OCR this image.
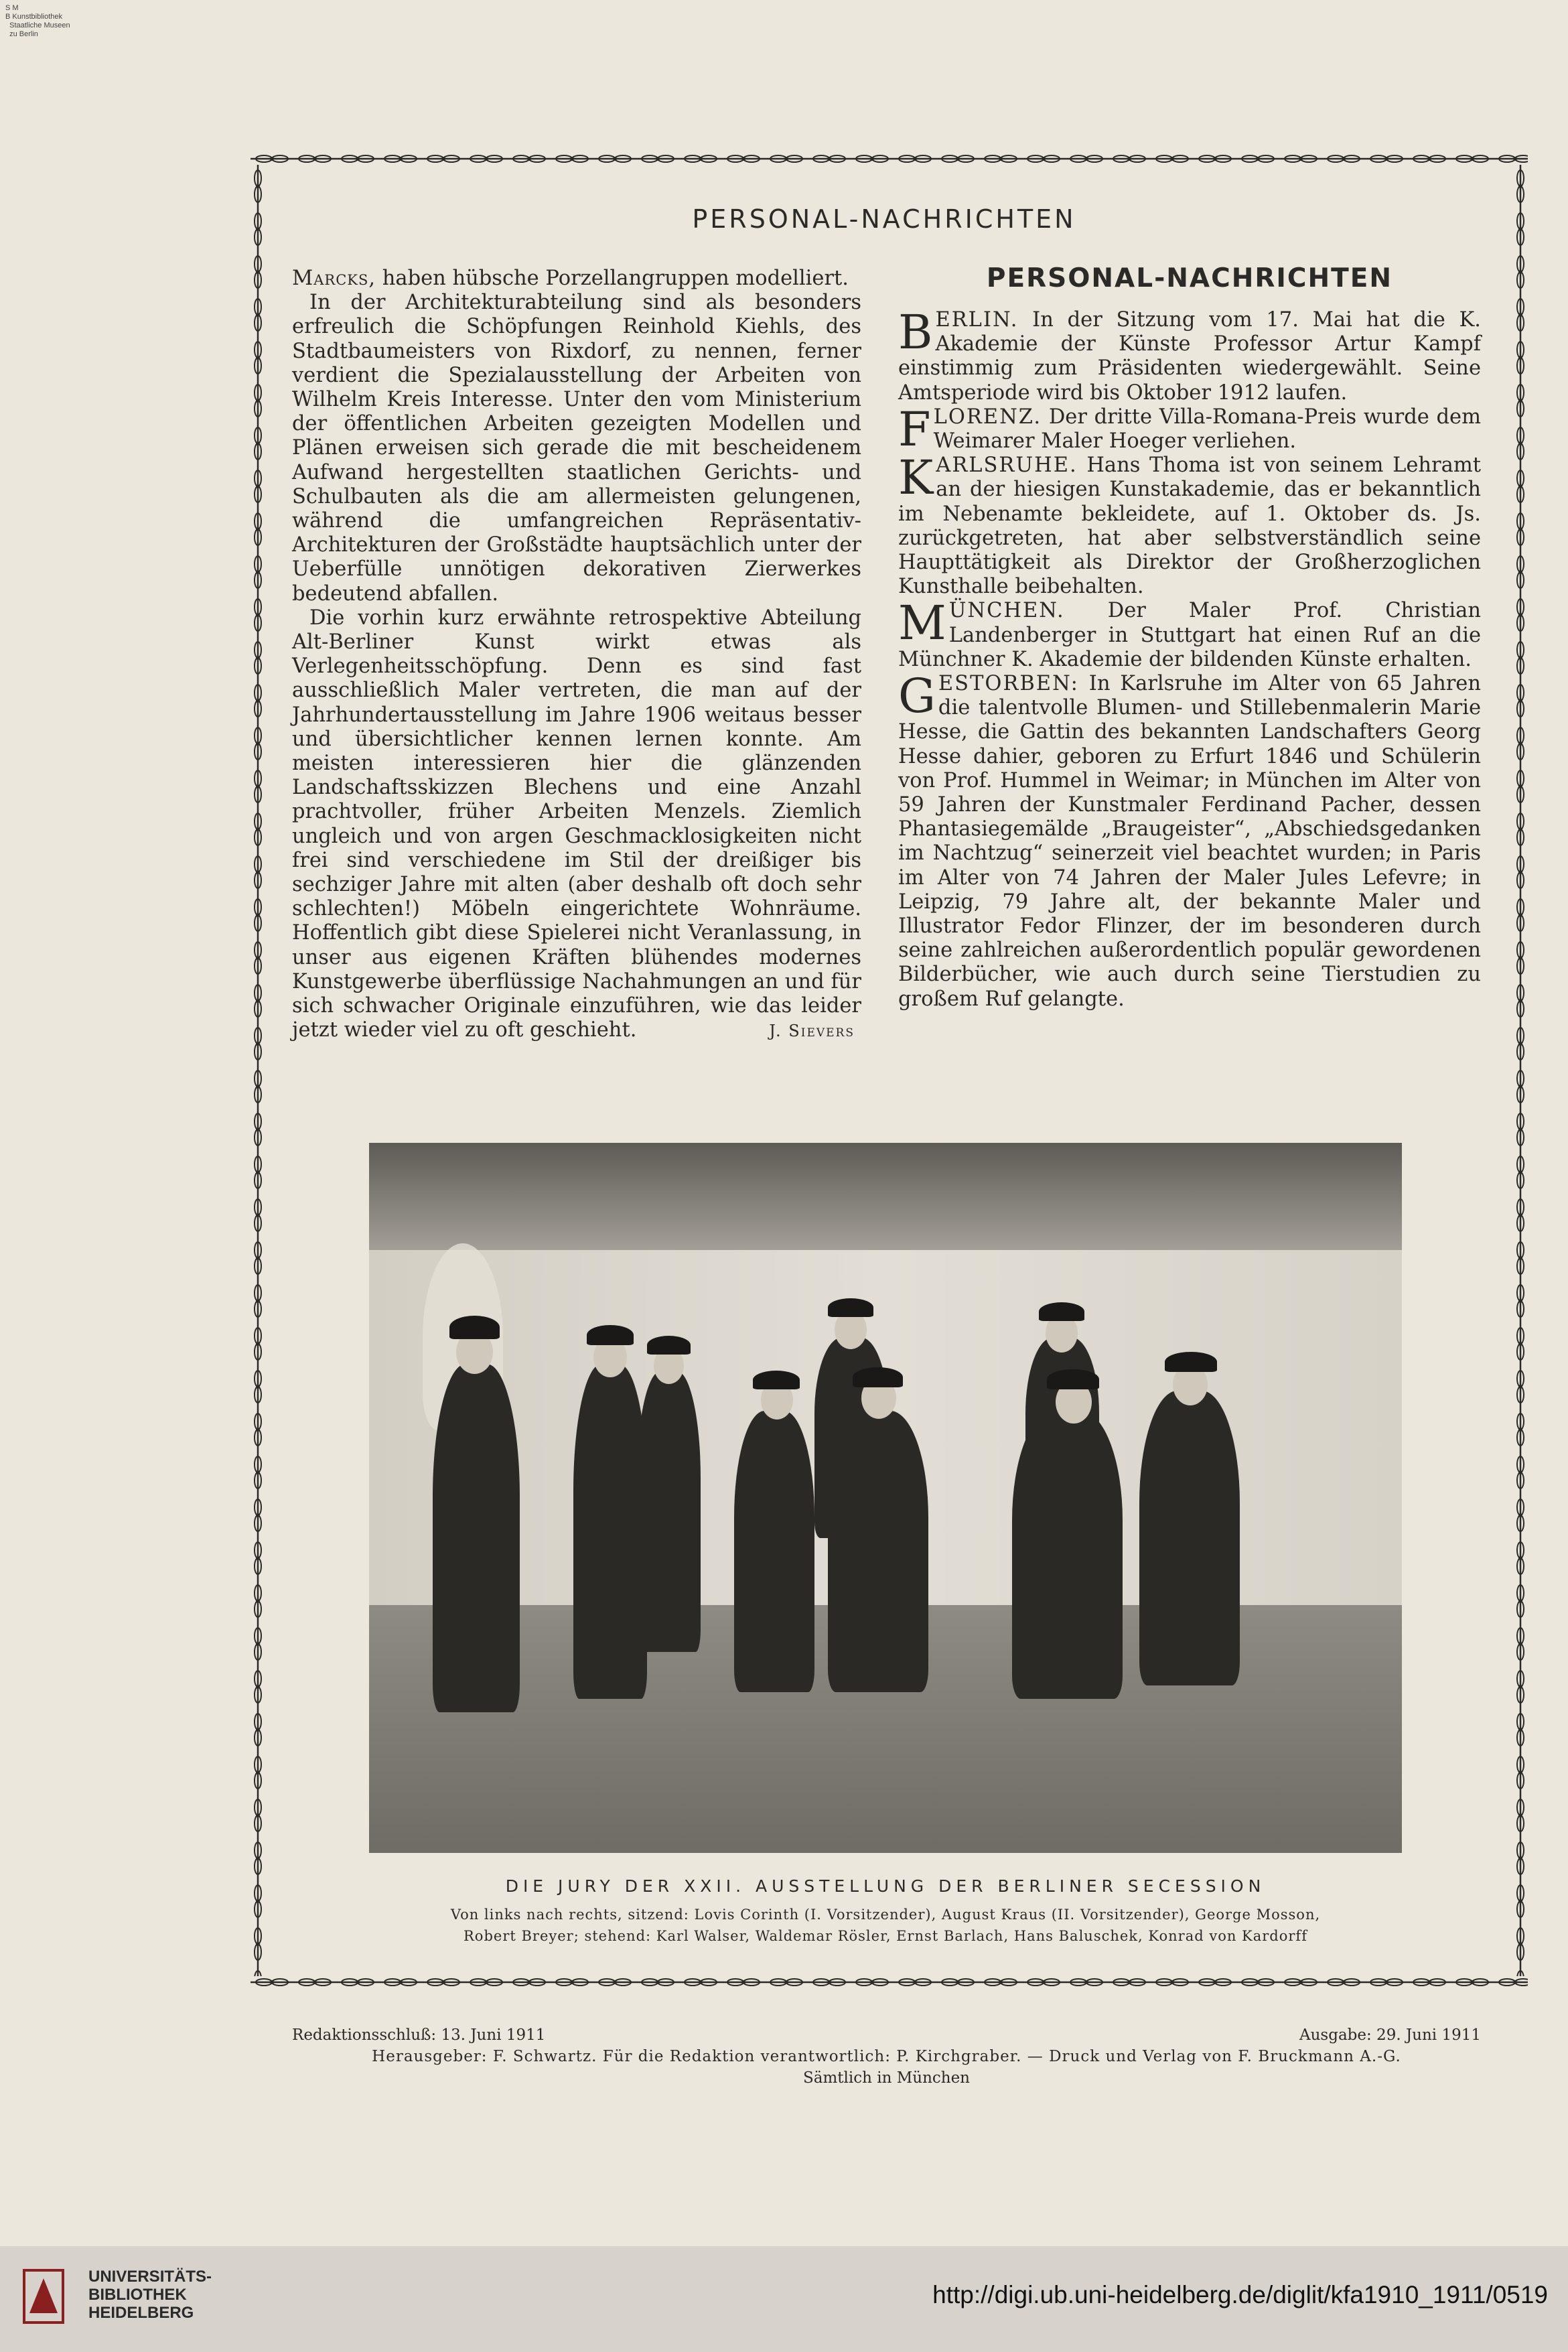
S M
B Kunstbibliothek
Staatliche Museen
zu Berlin
PERSONAL-NACHRICHTEN

Marcks, haben hübsche Porzellangruppen modelliert.

In der Architekturabteilung sind als besonders erfreulich die Schöpfungen Reinhold Kiehls, des Stadtbaumeisters von Rixdorf, zu nennen, ferner verdient die Spezialausstellung der Arbeiten von Wilhelm Kreis Interesse. Unter den vom Ministerium der öffentlichen Arbeiten gezeigten Modellen und Plänen erweisen sich gerade die mit bescheidenem Aufwand hergestellten staatlichen Gerichts- und Schulbauten als die am allermeisten gelungenen, während die umfangreichen Repräsentativ-Architekturen der Großstädte hauptsächlich unter der Ueberfülle unnötigen dekorativen Zierwerkes bedeutend abfallen.

Die vorhin kurz erwähnte retrospektive Abteilung Alt-Berliner Kunst wirkt etwas als Verlegenheitsschöpfung. Denn es sind fast ausschließlich Maler vertreten, die man auf der Jahrhundertausstellung im Jahre 1906 weitaus besser und übersichtlicher kennen lernen konnte. Am meisten interessieren hier die glänzenden Landschaftsskizzen Blechens und eine Anzahl prachtvoller, früher Arbeiten Menzels. Ziemlich ungleich und von argen Geschmacklosigkeiten nicht frei sind verschiedene im Stil der dreißiger bis sechziger Jahre mit alten (aber deshalb oft doch sehr schlechten!) Möbeln eingerichtete Wohnräume. Hoffentlich gibt diese Spielerei nicht Veranlassung, in unser aus eigenen Kräften blühendes modernes Kunstgewerbe überflüssige Nachahmungen an und für sich schwacher Originale einzuführen, wie das leider jetzt wieder viel zu oft geschieht.	J. Sievers
PERSONAL-NACHRICHTEN

BERLIN. In der Sitzung vom 17. Mai hat die K. Akademie der Künste Professor Artur Kampf einstimmig zum Präsidenten wiedergewählt. Seine Amtsperiode wird bis Oktober 1912 laufen.

FLORENZ. Der dritte Villa-Romana-Preis wurde dem Weimarer Maler Hoeger verliehen.

KARLSRUHE. Hans Thoma ist von seinem Lehramt an der hiesigen Kunstakademie, das er bekanntlich im Nebenamte bekleidete, auf 1. Oktober ds. Js. zurückgetreten, hat aber selbstverständlich seine Haupttätigkeit als Direktor der Großherzoglichen Kunsthalle beibehalten.

MÜNCHEN. Der Maler Prof. Christian Landenberger in Stuttgart hat einen Ruf an die Münchner K. Akademie der bildenden Künste erhalten.

GESTORBEN: In Karlsruhe im Alter von 65 Jahren die talentvolle Blumen- und Stillebenmalerin Marie Hesse, die Gattin des bekannten Landschafters Georg Hesse dahier, geboren zu Erfurt 1846 und Schülerin von Prof. Hummel in Weimar; in München im Alter von 59 Jahren der Kunstmaler Ferdinand Pacher, dessen Phantasiegemälde „Braugeister“, „Abschiedsgedanken im Nachtzug“ seinerzeit viel beachtet wurden; in Paris im Alter von 74 Jahren der Maler Jules Lefevre; in Leipzig, 79 Jahre alt, der bekannte Maler und Illustrator Fedor Flinzer, der im besonderen durch seine zahlreichen außerordentlich populär gewordenen Bilderbücher, wie auch durch seine Tierstudien zu großem Ruf gelangte.

DIE JURY DER XXII. AUSSTELLUNG DER BERLINER SECESSION
Von links nach rechts, sitzend: Lovis Corinth (I. Vorsitzender), August Kraus (II. Vorsitzender), George Mosson,
Robert Breyer; stehend: Karl Walser, Waldemar Rösler, Ernst Barlach, Hans Baluschek, Konrad von Kardorff
Redaktionsschluß: 13. Juni 1911	Ausgabe: 29. Juni 1911
Herausgeber: F. Schwartz. Für die Redaktion verantwortlich: P. Kirchgraber. — Druck und Verlag von F. Bruckmann A.-G.
Sämtlich in München
UNIVERSITÄTS-
BIBLIOTHEK
HEIDELBERG
http://digi.ub.uni-heidelberg.de/diglit/kfa1910_1911/0519
